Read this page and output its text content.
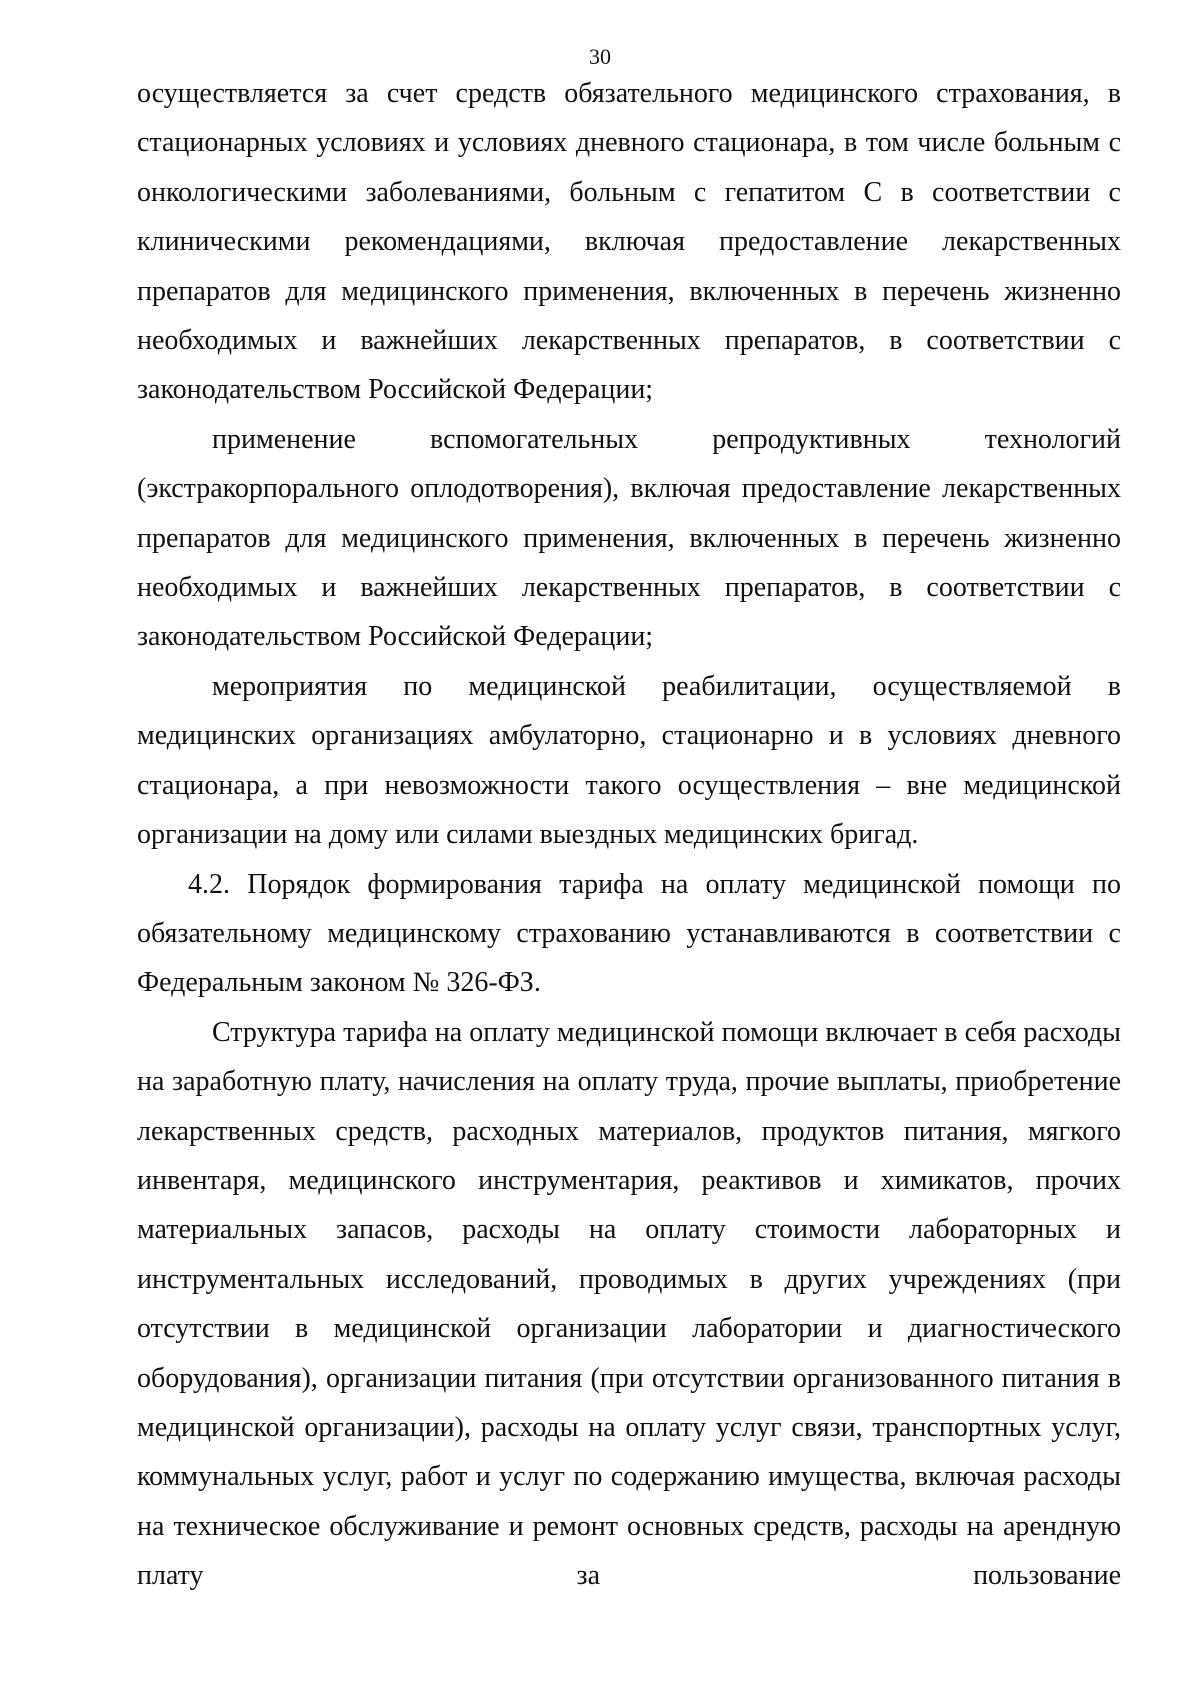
30

осуществляется за счет средств обязательного медицинского страхования, в стационарных условиях и условиях дневного стационара, в том числе больным с онкологическими заболеваниями, больным с гепатитом С в соответствии с клиническими рекомендациями, включая предоставление лекарственных препаратов для медицинского применения, включенных в перечень жизненно необходимых и важнейших лекарственных препаратов, в соответствии с законодательством Российской Федерации;

применение вспомогательных репродуктивных технологий (экстракорпорального оплодотворения), включая предоставление лекарственных препаратов для медицинского применения, включенных в перечень жизненно необходимых и важнейших лекарственных препаратов, в соответствии с законодательством Российской Федерации;

мероприятия по медицинской реабилитации, осуществляемой в медицинских организациях амбулаторно, стационарно и в условиях дневного стационара, а при невозможности такого осуществления – вне медицинской организации на дому или силами выездных медицинских бригад.

4.2. Порядок формирования тарифа на оплату медицинской помощи по обязательному медицинскому страхованию устанавливаются в соответствии с Федеральным законом № 326-ФЗ.

Структура тарифа на оплату медицинской помощи включает в себя расходы на заработную плату, начисления на оплату труда, прочие выплаты, приобретение лекарственных средств, расходных материалов, продуктов питания, мягкого инвентаря, медицинского инструментария, реактивов и химикатов, прочих материальных запасов, расходы на оплату стоимости лабораторных и инструментальных исследований, проводимых в других учреждениях (при отсутствии в медицинской организации лаборатории и диагностического оборудования), организации питания (при отсутствии организованного питания в медицинской организации), расходы на оплату услуг связи, транспортных услуг, коммунальных услуг, работ и услуг по содержанию имущества, включая расходы на техническое обслуживание и ремонт основных средств, расходы на арендную плату за пользование
